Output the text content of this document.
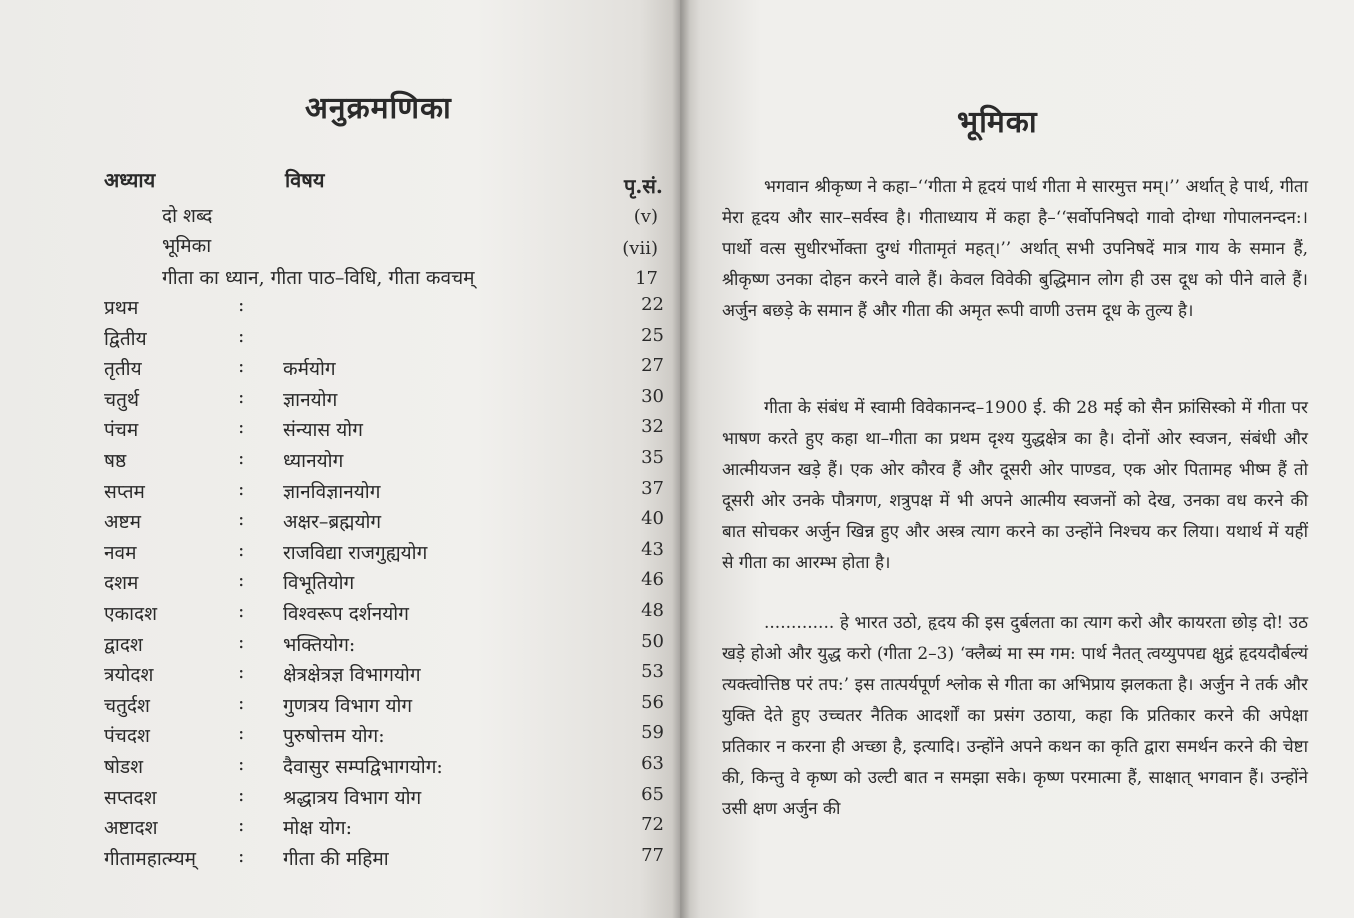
अनुक्रमणिका
अध्याय	विषय	पृ.सं.
दो शब्द	(v)
भूमिका	(vii)
गीता का ध्यान, गीता पाठ–विधि, गीता कवचम्	17
प्रथम	:	22
द्वितीय	:	25
तृतीय	: कर्मयोग	27
चतुर्थ	: ज्ञानयोग	30
पंचम	: संन्यास योग	32
षष्ठ	: ध्यानयोग	35
सप्तम	: ज्ञानविज्ञानयोग	37
अष्टम	: अक्षर–ब्रह्मयोग	40
नवम	: राजविद्या राजगुह्ययोग	43
दशम	: विभूतियोग	46
एकादश	: विश्वरूप दर्शनयोग	48
द्वादश	: भक्तियोग:	50
त्रयोदश	: क्षेत्रक्षेत्रज्ञ विभागयोग	53
चतुर्दश	: गुणत्रय विभाग योग	56
पंचदश	: पुरुषोत्तम योग:	59
षोडश	: दैवासुर सम्पद्विभागयोग:	63
सप्तदश	: श्रद्धात्रय विभाग योग	65
अष्टादश	: मोक्ष योग:	72
गीतामहात्म्यम् : गीता की महिमा	77
भूमिका

भगवान श्रीकृष्ण ने कहा–‘‘गीता मे हृदयं पार्थ गीता मे सारमुत्त मम्।’’ अर्थात् हे पार्थ, गीता मेरा हृदय और सार–सर्वस्व है। गीताध्याय में कहा है–‘‘सर्वोपनिषदो गावो दोग्धा गोपालनन्दन:। पार्थो वत्स सुधीरर्भोक्ता दुग्धं गीतामृतं महत्।’’ अर्थात् सभी उपनिषदें मात्र गाय के समान हैं, श्रीकृष्ण उनका दोहन करने वाले हैं। केवल विवेकी बुद्धिमान लोग ही उस दूध को पीने वाले हैं। अर्जुन बछड़े के समान हैं और गीता की अमृत रूपी वाणी उत्तम दूध के तुल्य है।

गीता के संबंध में स्वामी विवेकानन्द–1900 ई. की 28 मई को सैन फ्रांसिस्को में गीता पर भाषण करते हुए कहा था–गीता का प्रथम दृश्य युद्धक्षेत्र का है। दोनों ओर स्वजन, संबंधी और आत्मीयजन खड़े हैं। एक ओर कौरव हैं और दूसरी ओर पाण्डव, एक ओर पितामह भीष्म हैं तो दूसरी ओर उनके पौत्रगण, शत्रुपक्ष में भी अपने आत्मीय स्वजनों को देख, उनका वध करने की बात सोचकर अर्जुन खिन्न हुए और अस्त्र त्याग करने का उन्होंने निश्चय कर लिया। यथार्थ में यहीं से गीता का आरम्भ होता है।

............. हे भारत उठो, हृदय की इस दुर्बलता का त्याग करो और कायरता छोड़ दो! उठ खड़े होओ और युद्ध करो (गीता 2–3) ‘क्लैब्यं मा स्म गम: पार्थ नैतत् त्वय्युपपद्य क्षुद्रं हृदयदौर्बल्यं त्यक्त्वोत्तिष्ठ परं तप:’ इस तात्पर्यपूर्ण श्लोक से गीता का अभिप्राय झलकता है। अर्जुन ने तर्क और युक्ति देते हुए उच्चतर नैतिक आदर्शों का प्रसंग उठाया, कहा कि प्रतिकार करने की अपेक्षा प्रतिकार न करना ही अच्छा है, इत्यादि। उन्होंने अपने कथन का कृति द्वारा समर्थन करने की चेष्टा की, किन्तु वे कृष्ण को उल्टी बात न समझा सके। कृष्ण परमात्मा हैं, साक्षात् भगवान हैं। उन्होंने उसी क्षण अर्जुन की
